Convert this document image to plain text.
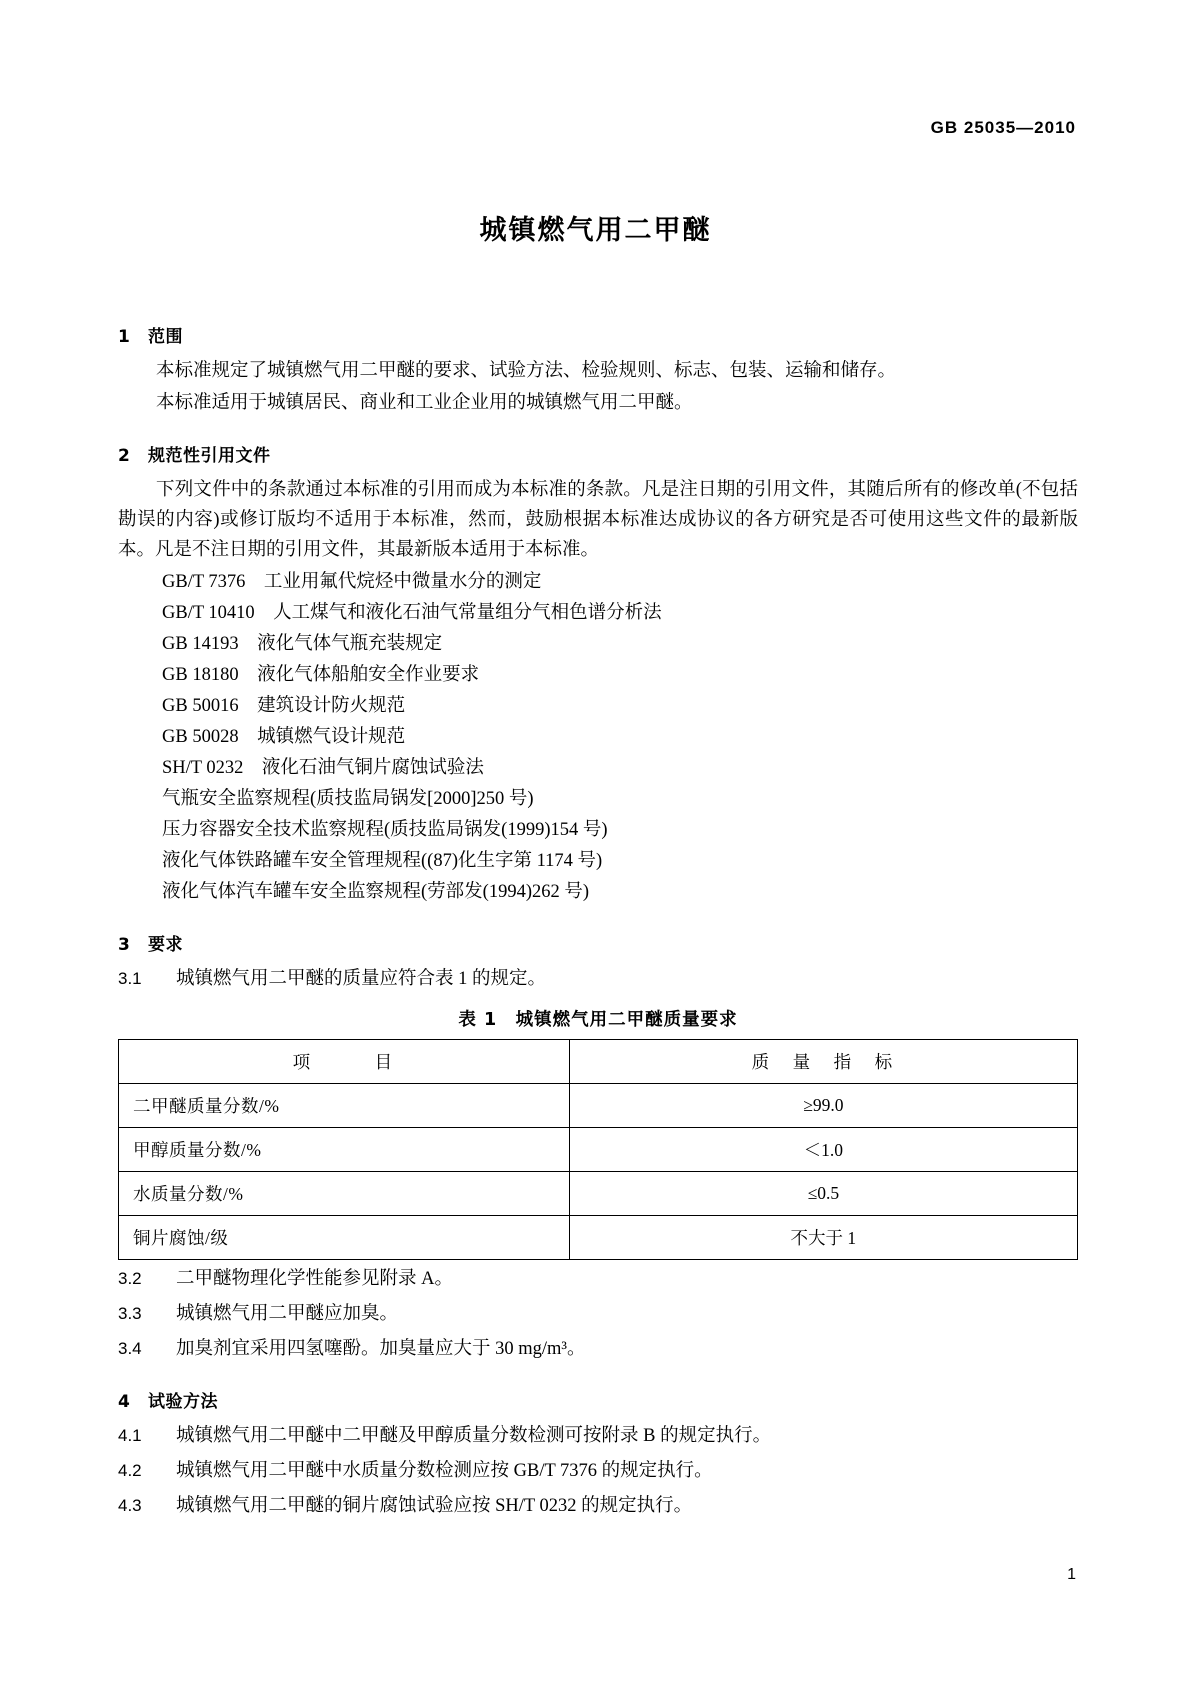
GB 25035—2010
城镇燃气用二甲醚
1 范围
本标准规定了城镇燃气用二甲醚的要求、试验方法、检验规则、标志、包装、运输和储存。
本标准适用于城镇居民、商业和工业企业用的城镇燃气用二甲醚。
2 规范性引用文件
下列文件中的条款通过本标准的引用而成为本标准的条款。凡是注日期的引用文件，其随后所有的修改单(不包括勘误的内容)或修订版均不适用于本标准，然而，鼓励根据本标准达成协议的各方研究是否可使用这些文件的最新版本。凡是不注日期的引用文件，其最新版本适用于本标准。
GB/T 7376　工业用氟代烷烃中微量水分的测定
GB/T 10410　人工煤气和液化石油气常量组分气相色谱分析法
GB 14193　液化气体气瓶充装规定
GB 18180　液化气体船舶安全作业要求
GB 50016　建筑设计防火规范
GB 50028　城镇燃气设计规范
SH/T 0232　液化石油气铜片腐蚀试验法
气瓶安全监察规程(质技监局锅发[2000]250 号)
压力容器安全技术监察规程(质技监局锅发(1999)154 号)
液化气体铁路罐车安全管理规程((87)化生字第 1174 号)
液化气体汽车罐车安全监察规程(劳部发(1994)262 号)
3 要求
3.1 城镇燃气用二甲醚的质量应符合表 1 的规定。
表 1　城镇燃气用二甲醚质量要求
项　　　目	质　量　指　标
二甲醚质量分数/%	≥99.0
甲醇质量分数/%	＜1.0
水质量分数/%	≤0.5
铜片腐蚀/级	不大于 1
3.2 二甲醚物理化学性能参见附录 A。
3.3 城镇燃气用二甲醚应加臭。
3.4 加臭剂宜采用四氢噻酚。加臭量应大于 30 mg/m³。
4 试验方法
4.1 城镇燃气用二甲醚中二甲醚及甲醇质量分数检测可按附录 B 的规定执行。
4.2 城镇燃气用二甲醚中水质量分数检测应按 GB/T 7376 的规定执行。
4.3 城镇燃气用二甲醚的铜片腐蚀试验应按 SH/T 0232 的规定执行。
1
